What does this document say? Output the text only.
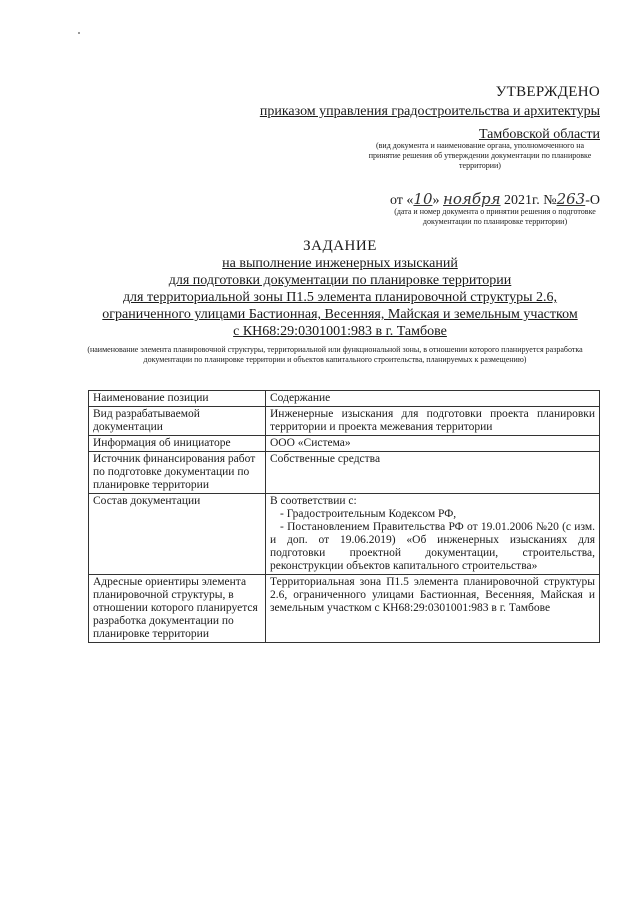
УТВЕРЖДЕНО
приказом управления градостроительства и архитектуры
Тамбовской области
(вид документа и наименование органа, уполномоченного на принятие решения об утверждении документации по планировке территории)
от «10» ноября 2021г. №263-О
(дата и номер документа о принятии решения о подготовке документации по планировке территории)
ЗАДАНИЕ
на выполнение инженерных изысканий
для подготовки документации по планировке территории
для территориальной зоны П1.5 элемента планировочной структуры 2.6,
ограниченного улицами Бастионная, Весенняя, Майская и земельным участком
с КН68:29:0301001:983 в г. Тамбове
(наименование элемента планировочной структуры, территориальной или функциональной зоны, в отношении которого планируется разработка документации по планировке территории и объектов капитального строительства, планируемых к размещению)
Наименование позиции	Содержание
Вид разрабатываемой документации	Инженерные изыскания для подготовки проекта планировки территории и проекта межевания территории
Информация об инициаторе	ООО «Система»
Источник финансирования работ по подготовке документации по планировке территории	Собственные средства
Состав документации	В соответствии с:
- Градостроительным Кодексом РФ,
- Постановлением Правительства РФ от 19.01.2006 №20 (с изм. и доп. от 19.06.2019) «Об инженерных изысканиях для подготовки проектной документации, строительства, реконструкции объектов капитального строительства»

Адресные ориентиры элемента планировочной структуры, в отношении которого планируется разработка документации по планировке территории	Территориальная зона П1.5 элемента планировочной структуры 2.6, ограниченного улицами Бастионная, Весенняя, Майская и земельным участком с КН68:29:0301001:983 в г. Тамбове
